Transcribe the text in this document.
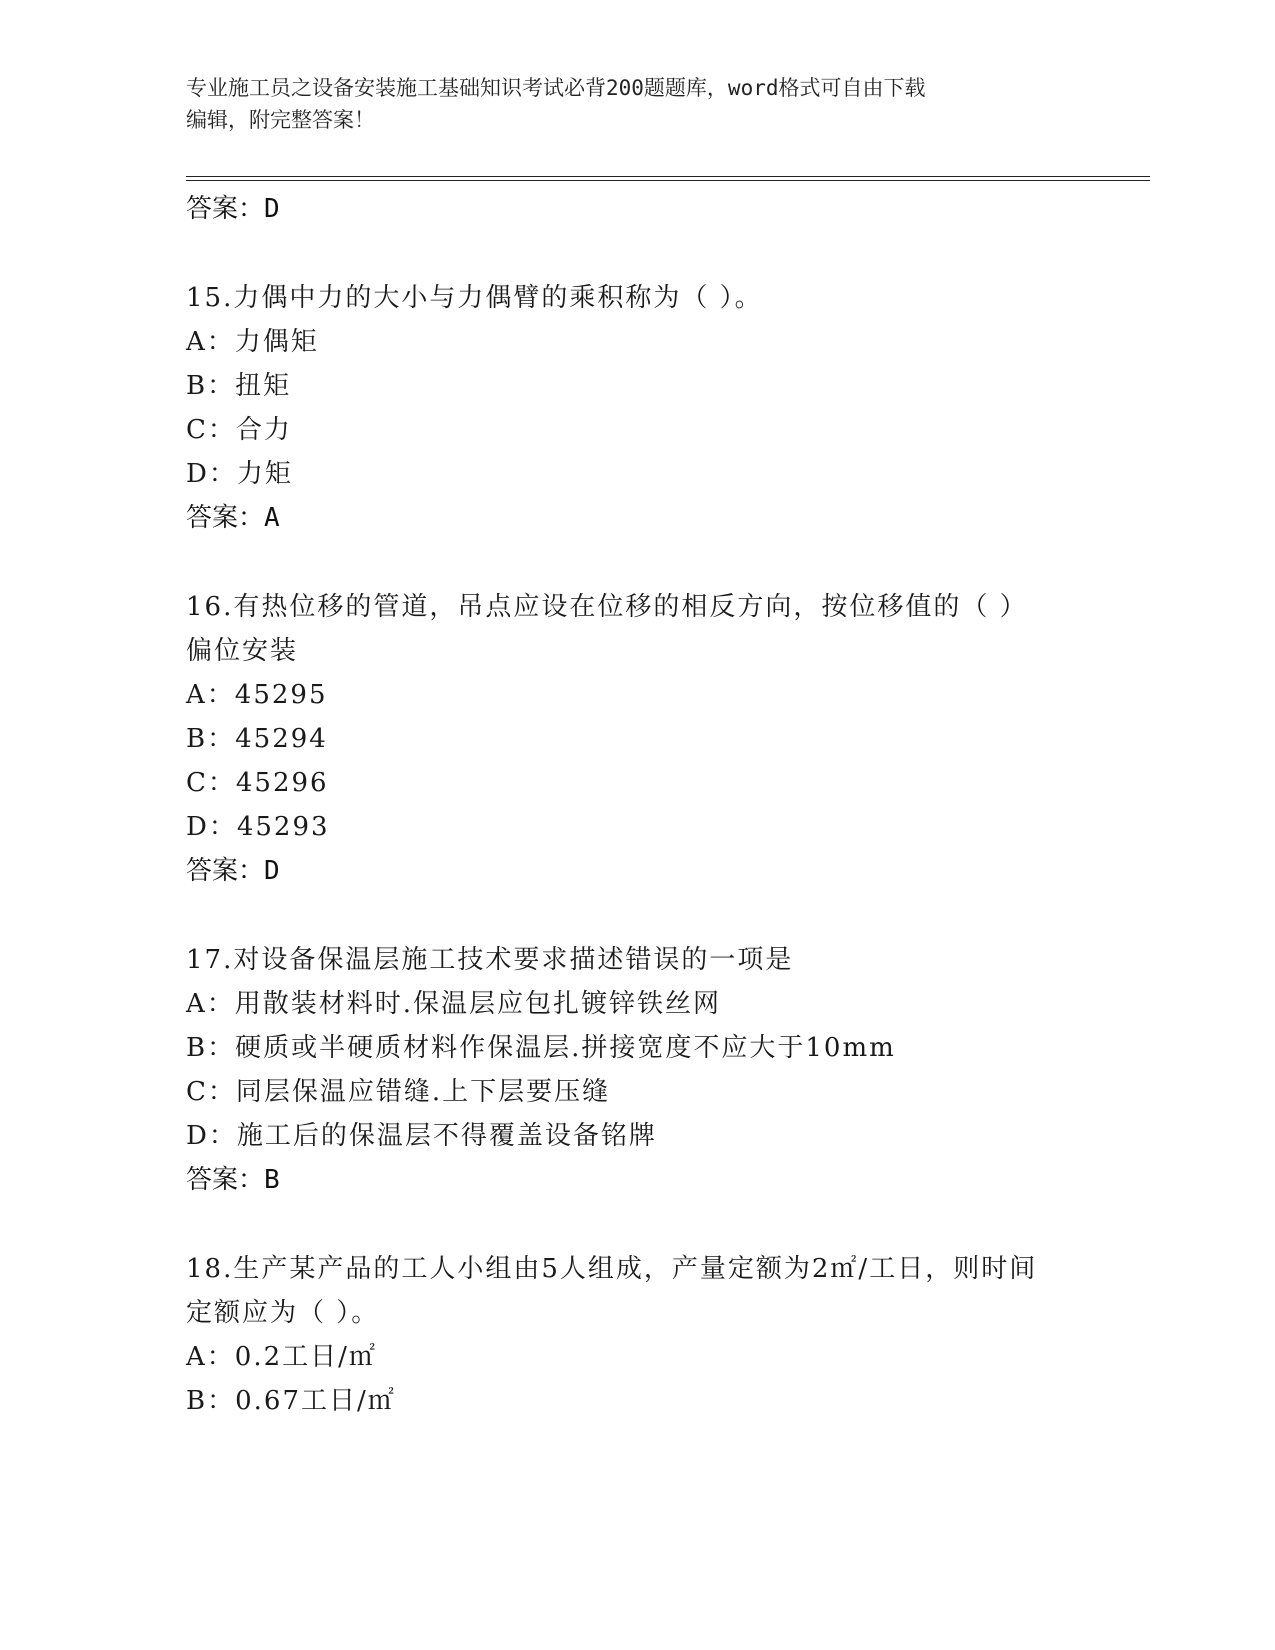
专业施工员之设备安装施工基础知识考试必背200题题库，word格式可自由下载
编辑，附完整答案！
答案：D
15.力偶中力的大小与力偶臂的乘积称为（ ）。
A：力偶矩
B：扭矩
C：合力
D：力矩
答案：A
16.有热位移的管道，吊点应设在位移的相反方向，按位移值的（ ）
偏位安装
A：45295
B：45294
C：45296
D：45293
答案：D
17.对设备保温层施工技术要求描述错误的一项是
A：用散装材料时.保温层应包扎镀锌铁丝网
B：硬质或半硬质材料作保温层.拼接宽度不应大于10mm
C：同层保温应错缝.上下层要压缝
D：施工后的保温层不得覆盖设备铭牌
答案：B
18.生产某产品的工人小组由5人组成，产量定额为2㎡/工日，则时间
定额应为（ ）。
A：0.2工日/㎡
B：0.67工日/㎡
